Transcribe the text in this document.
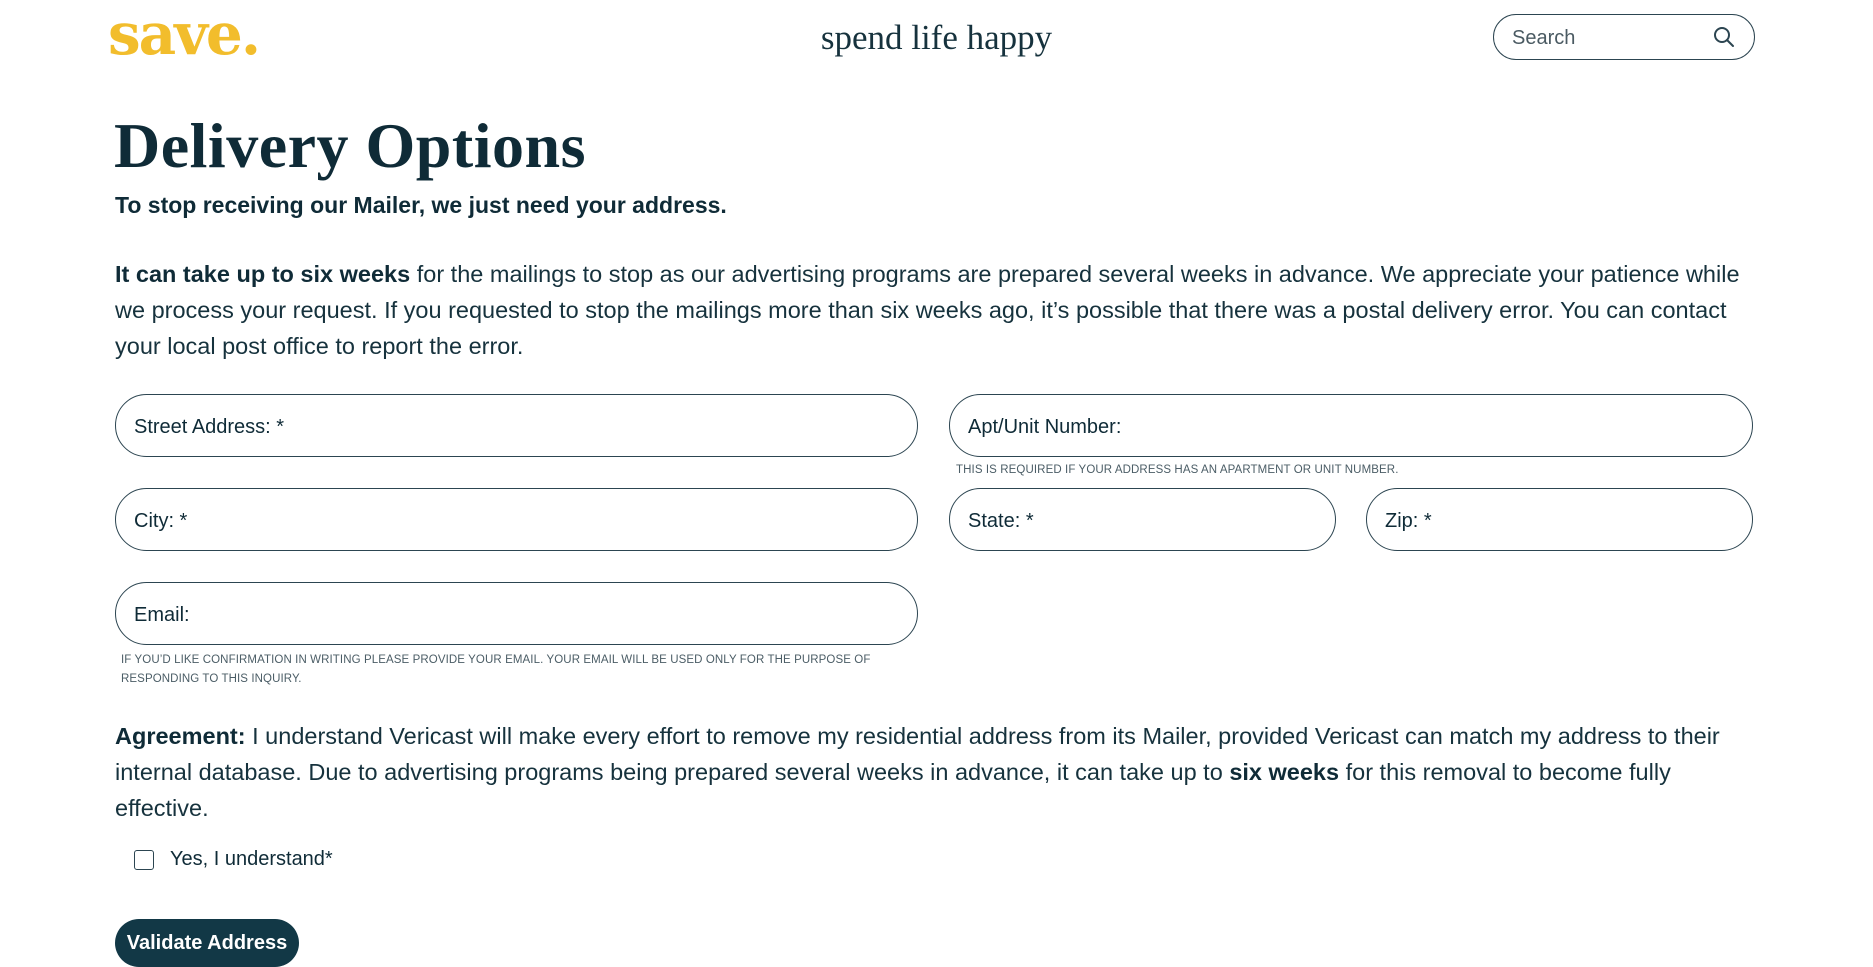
save.	spend life happy
Search
Delivery Options

To stop receiving our Mailer, we just need your address.

It can take up to six weeks for the mailings to stop as our advertising programs are prepared several weeks in advance. We appreciate your patience while we process your request. If you requested to stop the mailings more than six weeks ago, it’s possible that there was a postal delivery error. You can contact your local post office to report the error.

Street Address: *
Apt/Unit Number:
THIS IS REQUIRED IF YOUR ADDRESS HAS AN APARTMENT OR UNIT NUMBER.
City: *
State: *
Zip: *
Email:
IF YOU’D LIKE CONFIRMATION IN WRITING PLEASE PROVIDE YOUR EMAIL. YOUR EMAIL WILL BE USED ONLY FOR THE PURPOSE OF
RESPONDING TO THIS INQUIRY.

Agreement: I understand Vericast will make every effort to remove my residential address from its Mailer, provided Vericast can match my address to their internal database. Due to advertising programs being prepared several weeks in advance, it can take up to six weeks for this removal to become fully effective.

Yes, I understand*
Validate Address
